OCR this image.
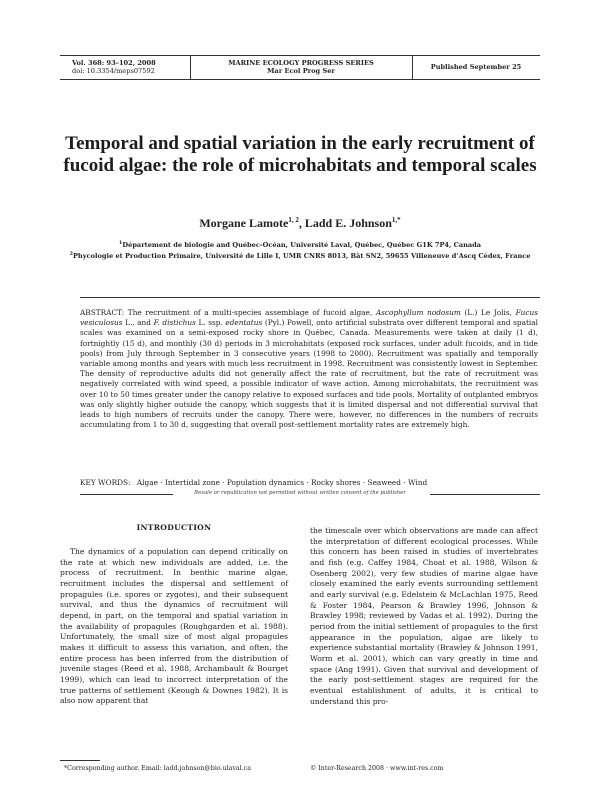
Vol. 368: 93–102, 2008
doi: 10.3354/meps07592
MARINE ECOLOGY PROGRESS SERIES
Mar Ecol Prog Ser	Published September 25
Temporal and spatial variation in the early recruitment of fucoid algae: the role of microhabitats and temporal scales
Morgane Lamote$^{1, 2}$, Ladd E. Johnson$^{1,*}$
$^1$Département de biologie and Québec-Océan, Université Laval, Québec, Québec G1K 7P4, Canada
$^2$Phycologie et Production Primaire, Université de Lille I, UMR CNRS 8013, Bât SN2, 59655 Villeneuve d’Ascq Cédex, France
ABSTRACT: The recruitment of a multi-species assemblage of fucoid algae, Ascophyllum nodosum (L.) Le Jolis, Fucus vesiculosus L., and F. distichus L. ssp. edentatus (Pyl.) Powell, onto artificial substrata over different temporal and spatial scales was examined on a semi-exposed rocky shore in Québec, Canada. Measurements were taken at daily (1 d), fortnightly (15 d), and monthly (30 d) periods in 3 microhabitats (exposed rock surfaces, under adult fucoids, and in tide pools) from July through September in 3 consecutive years (1998 to 2000). Recruitment was spatially and temporally variable among months and years with much less recruitment in 1998. Recruitment was consistently lowest in September. The density of reproductive adults did not generally affect the rate of recruitment, but the rate of recruitment was negatively correlated with wind speed, a possible indicator of wave action. Among microhabitats, the recruitment was over 10 to 50 times greater under the canopy relative to exposed surfaces and tide pools. Mortality of outplanted embryos was only slightly higher outside the canopy, which suggests that it is limited dispersal and not differential survival that leads to high numbers of recruits under the canopy. There were, however, no differences in the numbers of recruits accumulating from 1 to 30 d, suggesting that overall post-settlement mortality rates are extremely high.
KEY WORDS: Algae · Intertidal zone · Population dynamics · Rocky shores · Seaweed · Wind
Resale or republication not permitted without written consent of the publisher
INTRODUCTION
The dynamics of a population can depend critically on the rate at which new individuals are added, i.e. the process of recruitment. In benthic marine algae, recruitment includes the dispersal and settlement of propagules (i.e. spores or zygotes), and their subsequent survival, and thus the dynamics of recruitment will depend, in part, on the temporal and spatial variation in the availability of propagules (Roughgarden et al. 1988). Unfortunately, the small size of most algal propagules makes it difficult to assess this variation, and often, the entire process has been inferred from the distribution of juvenile stages (Reed et al. 1988, Archambault & Bourget 1999), which can lead to incorrect interpretation of the true patterns of settlement (Keough & Downes 1982). It is also now apparent that
the timescale over which observations are made can affect the interpretation of different ecological processes. While this concern has been raised in studies of invertebrates and fish (e.g. Caffey 1984, Choat et al. 1988, Wilson & Osenberg 2002), very few studies of marine algae have closely examined the early events surrounding settlement and early survival (e.g. Edelstein & McLachlan 1975, Reed & Foster 1984, Pearson & Brawley 1996, Johnson & Brawley 1998; reviewed by Vadas et al. 1992). During the period from the initial settlement of propagules to the first appearance in the population, algae are likely to experience substantial mortality (Brawley & Johnson 1991, Worm et al. 2001), which can vary greatly in time and space (Ang 1991). Given that survival and development of the early post-settlement stages are required for the eventual establishment of adults, it is critical to understand this pro-
*Corresponding author. Email: ladd.johnson@bio.ulaval.ca	© Inter-Research 2008 · www.int-res.com
